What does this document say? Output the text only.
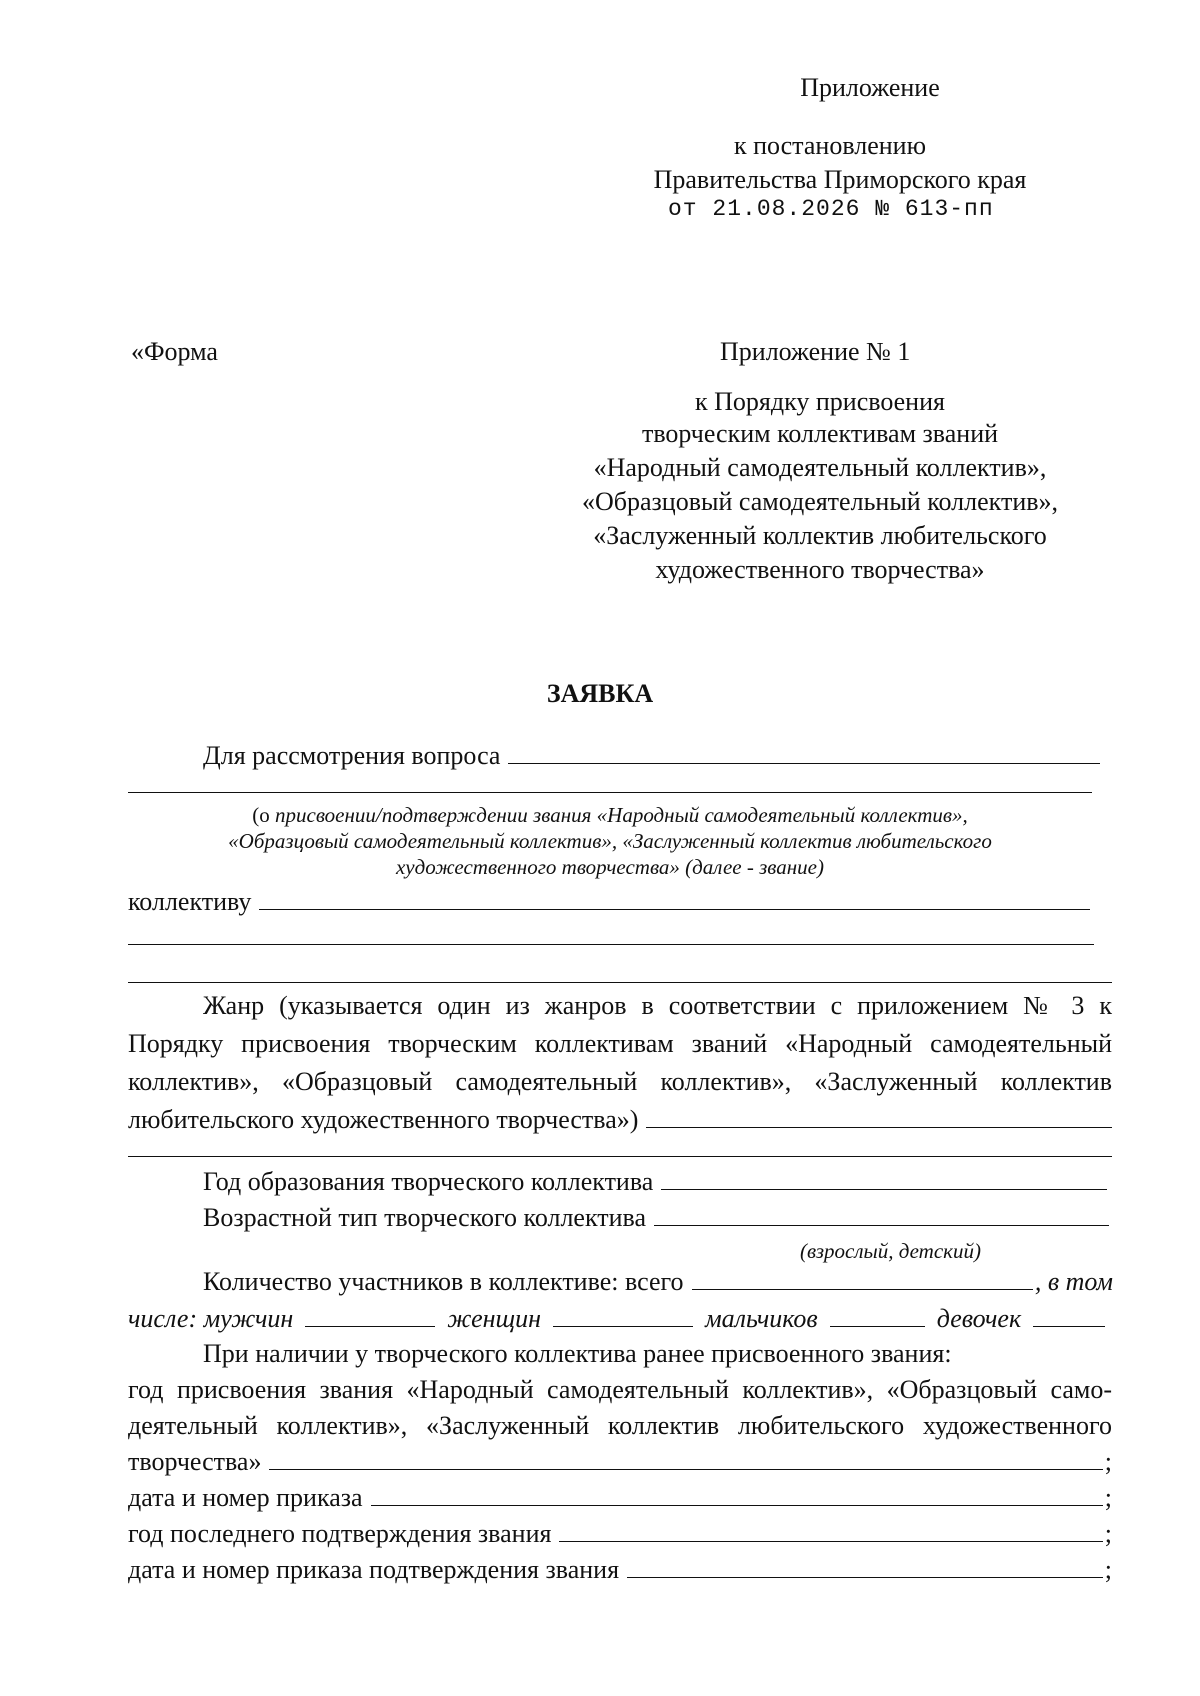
Приложение
к постановлению
Правительства Приморского края
от 21.08.2026 № 613-пп
«Форма	Приложение № 1
к Порядку присвоения
творческим коллективам званий
«Народный самодеятельный коллектив»,
«Образцовый самодеятельный коллектив»,
«Заслуженный коллектив любительского
художественного творчества»
ЗАЯВКА
Для рассмотрения вопроса
(о присвоении/подтверждении звания «Народный самодеятельный коллектив»,
«Образцовый самодеятельный коллектив», «Заслуженный коллектив любительского
художественного творчества» (далее - звание)
коллективу
Жанр (указывается один из жанров в соответствии с приложением № 3 к
Порядку присвоения творческим коллективам званий «Народный самодеятельный
коллектив», «Образцовый самодеятельный коллектив», «Заслуженный коллектив
любительского художественного творчества»)
Год образования творческого коллектива
Возрастной тип творческого коллектива
(взрослый, детский)
Количество участников в коллективе: всего	, в том
числе: мужчин	женщин	мальчиков	девочек
При наличии у творческого коллектива ранее присвоенного звания:
год присвоения звания «Народный самодеятельный коллектив», «Образцовый само-
деятельный коллектив», «Заслуженный коллектив любительского художественного
творчества»	;
дата и номер приказа	;
год последнего подтверждения звания	;
дата и номер приказа подтверждения звания	;
